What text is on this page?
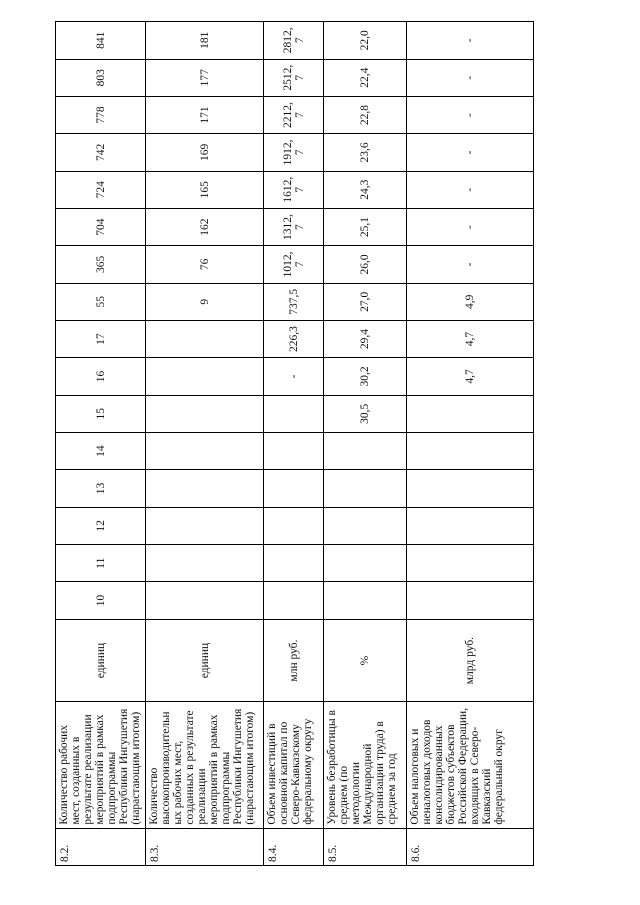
8.2.	Количество рабочих мест, созданных в результате реализации мероприятий в рамках подпрограммы Республики Ингушетия (нарастающим итогом)	единиц	10	11	12	13	14	15	16	17	55	365	704	724	742	778	803	841
8.3.	Количество высокопроизводительных рабочих мест, созданных в результате реализации мероприятий в рамках подпрограммы Республики Ингушетия (нарастающим итогом)	единиц									9	76	162	165	169	171	177	181
8.4.	Объем инвестиций в основной капитал по Северо-Кавказскому федеральному округу	млн руб.							-	226,3	737,5	1012,7	1312,7	1612,7	1912,7	2212,7	2512,7	2812,7
8.5.	Уровень безработицы в среднем (по методологии Международной организации труда) в среднем за год	%						30,5	30,2	29,4	27,0	26,0	25,1	24,3	23,6	22,8	22,4	22,0
8.6.	Объем налоговых и неналоговых доходов консолидированных бюджетов субъектов Российской Федерации, входящих в Северо-Кавказский федеральный округ	млрд руб.							4,7	4,7	4,9	-	-	-	-	-	-	-
